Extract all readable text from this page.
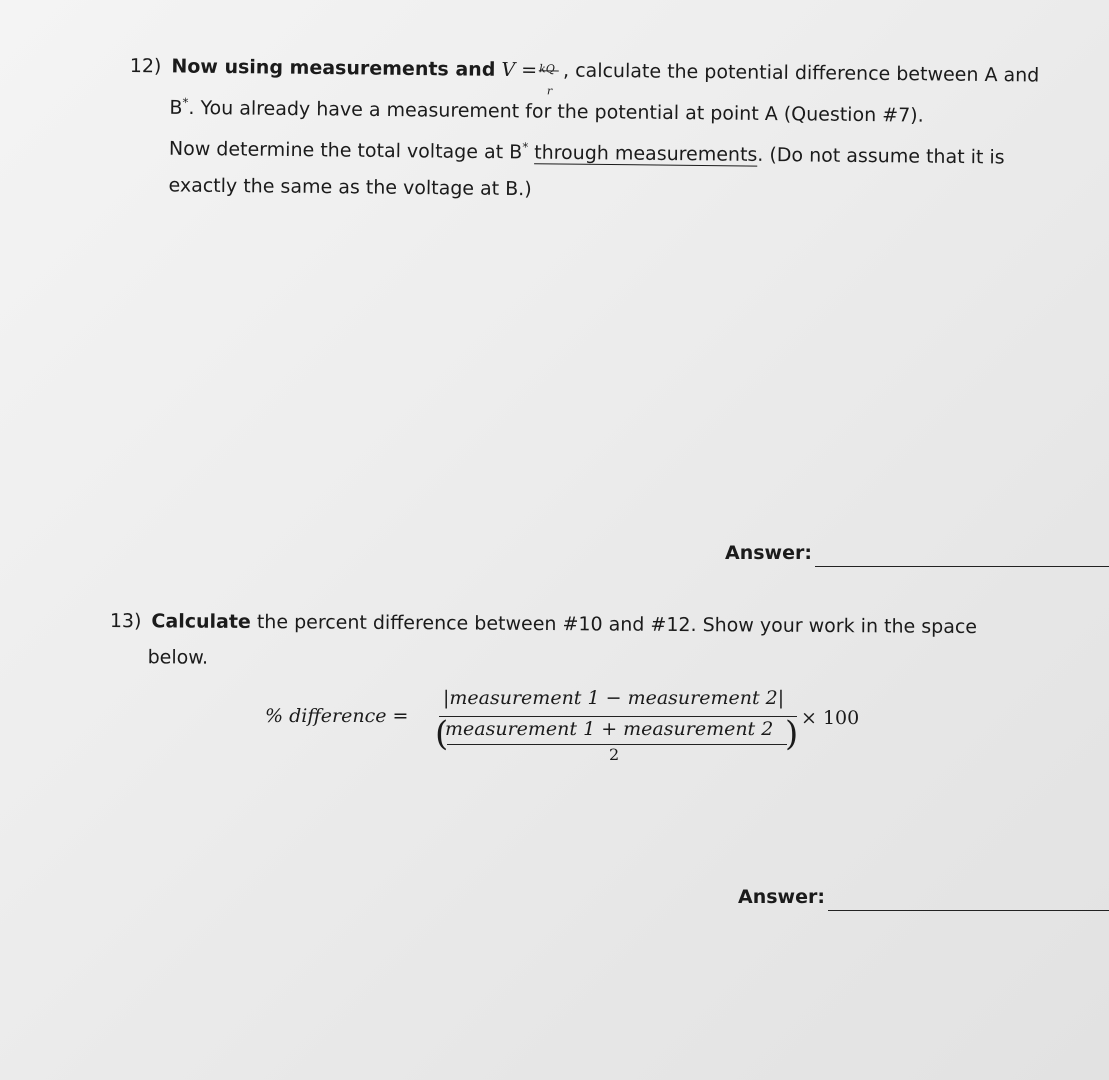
12) Now using measurements and V = kQ
r
, calculate the potential difference between A and
B*. You already have a measurement for the potential at point A (Question #7).
Now determine the total voltage at B* through measurements. (Do not assume that it is
exactly the same as the voltage at B.)
Answer:
13) Calculate the percent difference between #10 and #12. Show your work in the space
below.
% difference =
|measurement 1 − measurement 2|
(
measurement 1 + measurement 2
2
) × 100
Answer:
